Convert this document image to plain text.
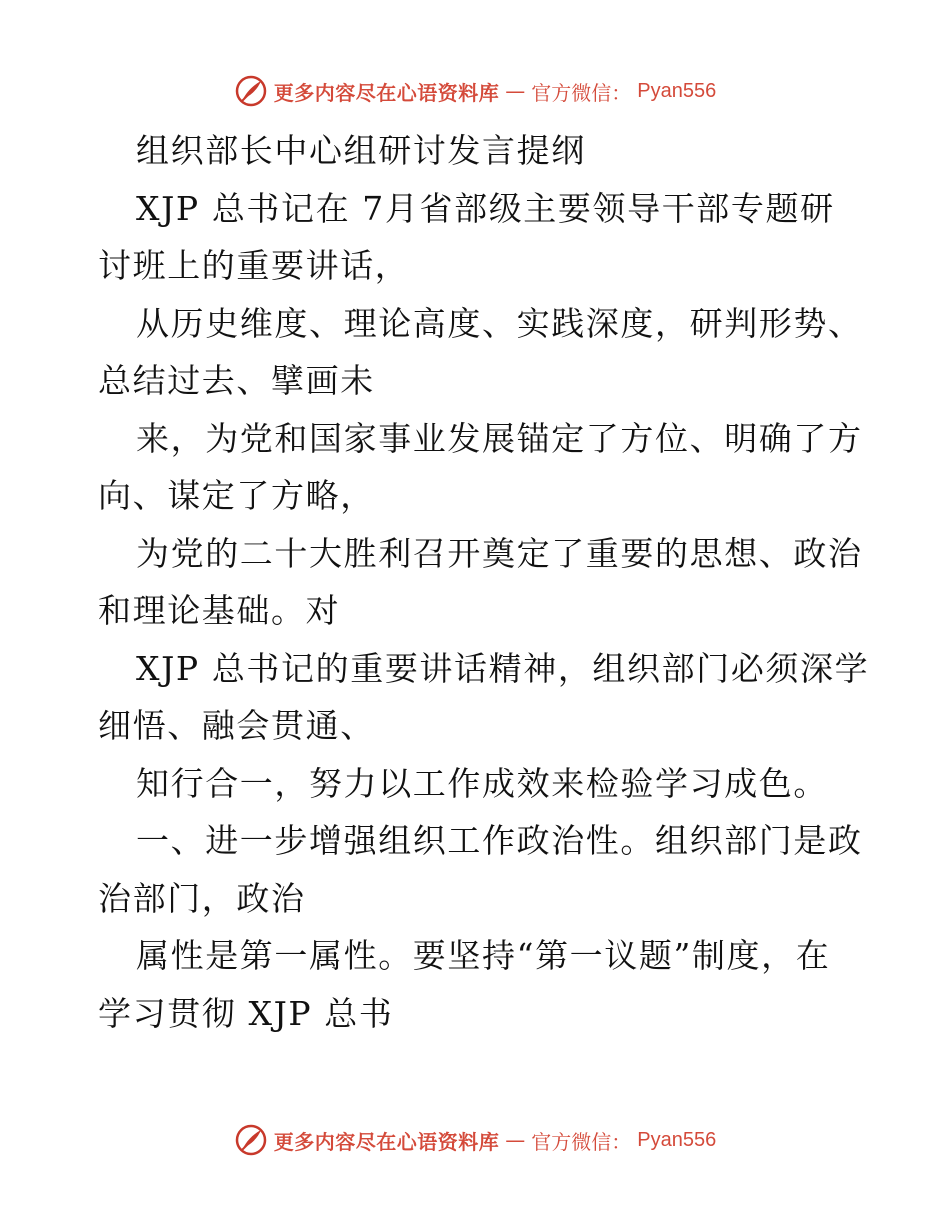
更多内容尽在心语资料库 — 官方微信： Pyan556
组织部长中心组研讨发言提纲
XJP 总书记在 7月省部级主要领导干部专题研
讨班上的重要讲话，
从历史维度、理论高度、实践深度，研判形势、
总结过去、擘画未
来，为党和国家事业发展锚定了方位、明确了方
向、谋定了方略，
为党的二十大胜利召开奠定了重要的思想、政治
和理论基础。对
XJP 总书记的重要讲话精神，组织部门必须深学
细悟、融会贯通、
知行合一，努力以工作成效来检验学习成色。
一、进一步增强组织工作政治性。组织部门是政
治部门，政治
属性是第一属性。要坚持“第一议题”制度，在
学习贯彻 XJP 总书
更多内容尽在心语资料库 — 官方微信： Pyan556
